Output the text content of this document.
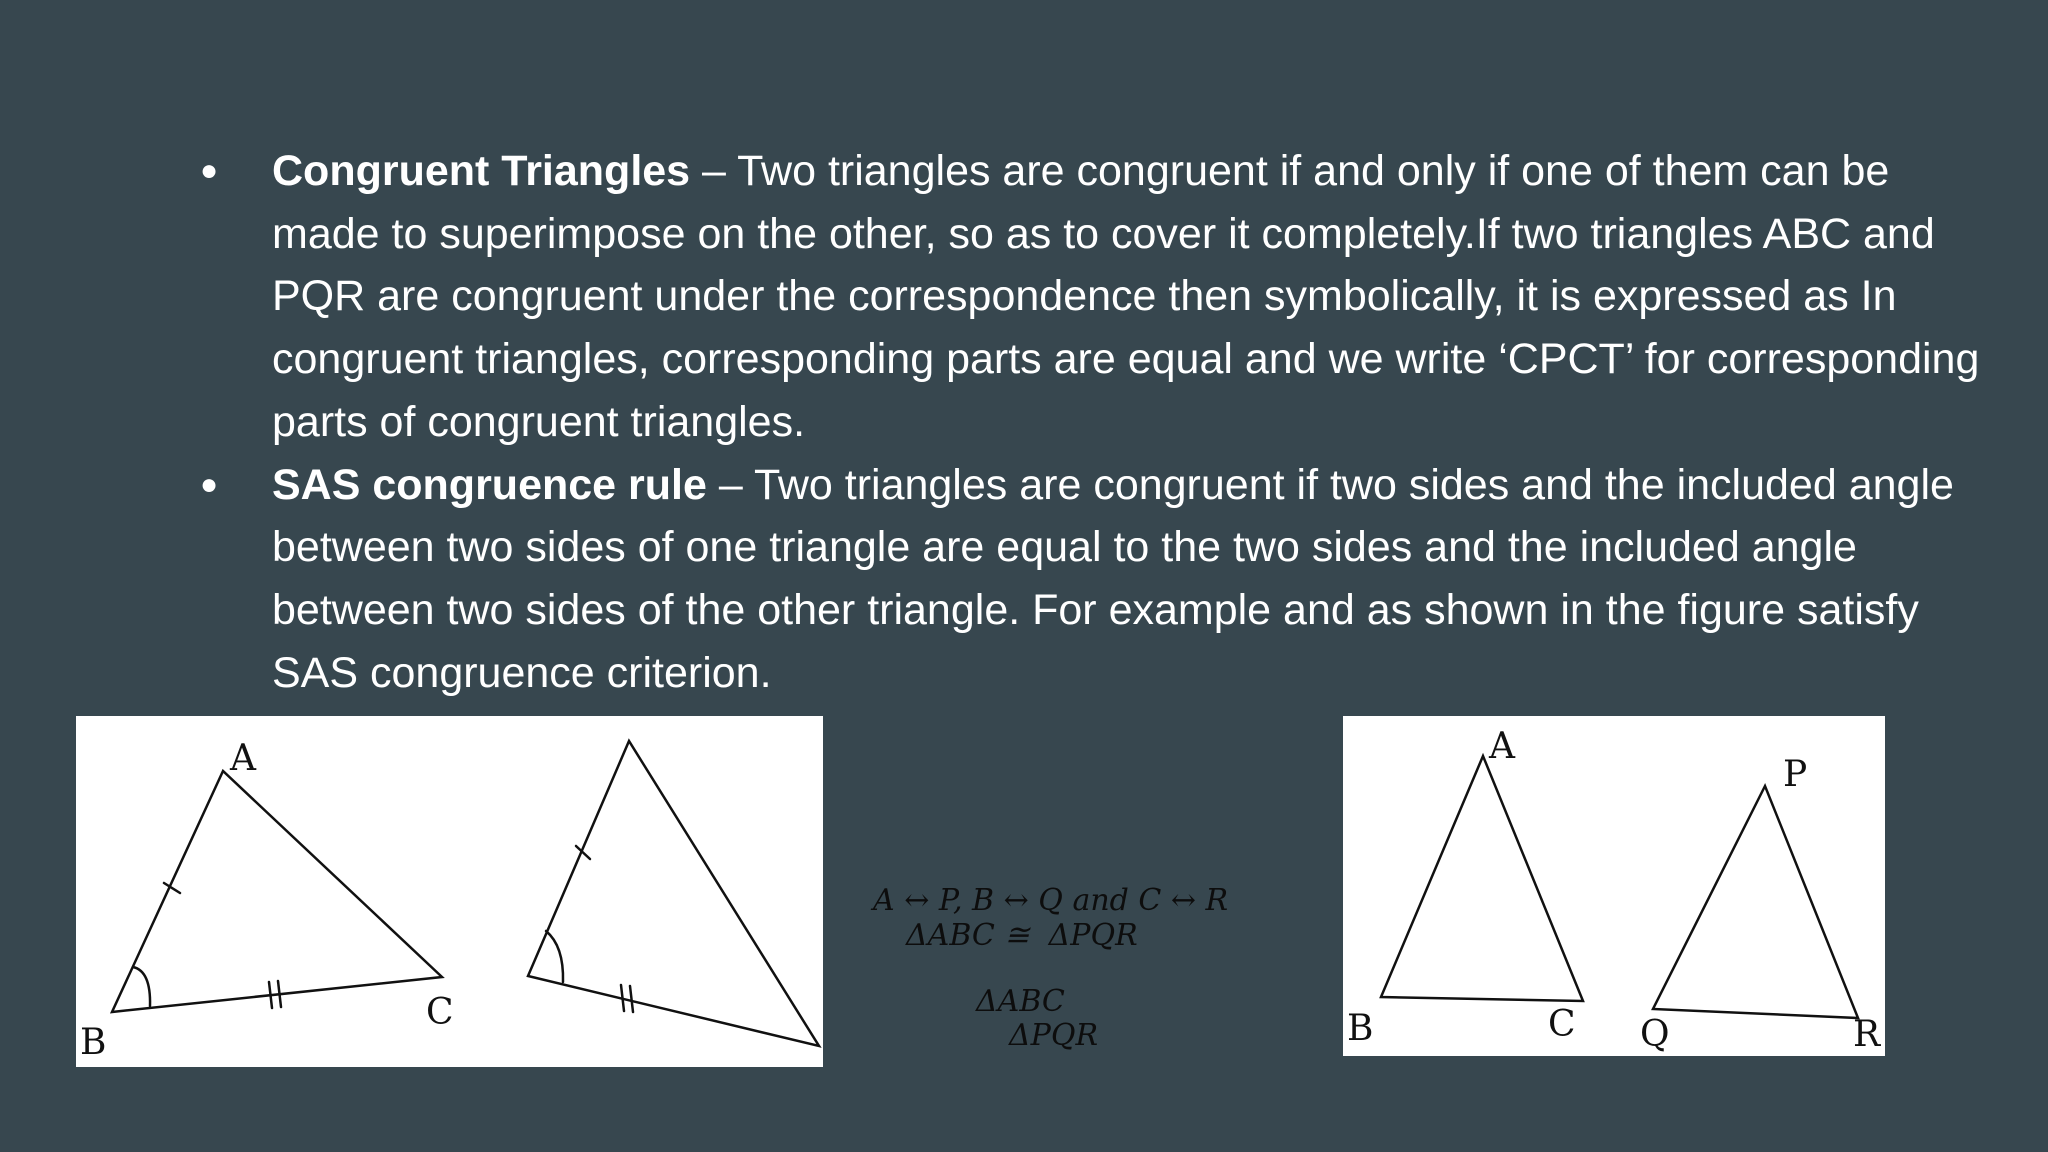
●	Congruent Triangles – Two triangles are congruent if and only if one of them can be made to superimpose on the other, so as to cover it completely.If two triangles ABC and PQR are congruent under the correspondence then symbolically, it is expressed as In congruent triangles, corresponding parts are equal and we write ‘CPCT’ for corresponding parts of congruent triangles.
●	SAS congruence rule – Two triangles are congruent if two sides and the included angle between two sides of one triangle are equal to the two sides and the included angle between two sides of the other triangle. For example and as shown in the figure satisfy SAS congruence criterion.
A
B
C
A
B	C
P
Q	R
A ↔ P, B ↔ Q and C ↔ R
ΔABC ≅  ΔPQR
ΔABC
ΔPQR
